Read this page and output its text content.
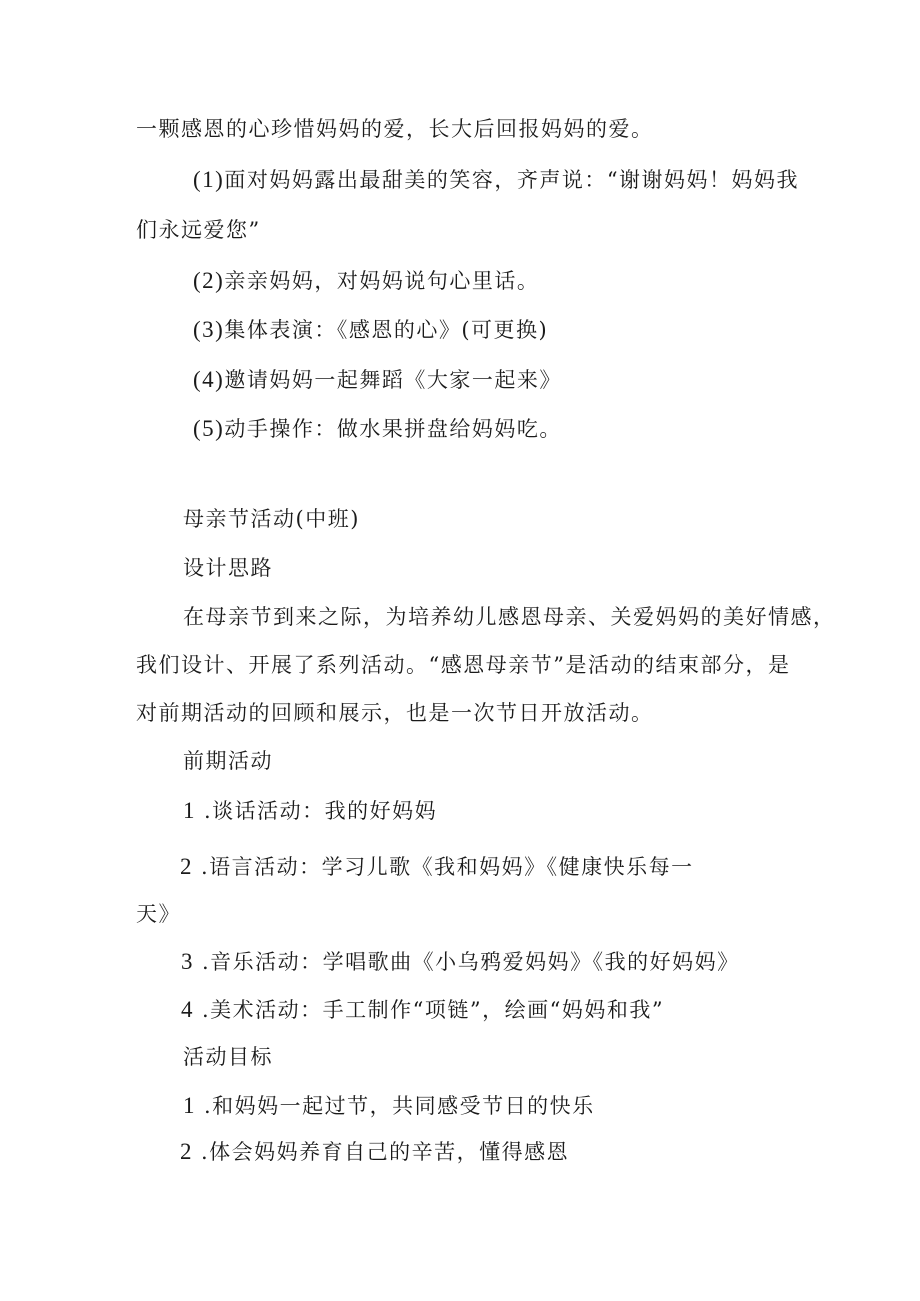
一颗感恩的心珍惜妈妈的爱，长大后回报妈妈的爱。
(1)面对妈妈露出最甜美的笑容，齐声说：“谢谢妈妈！妈妈我
们永远爱您”
(2)亲亲妈妈，对妈妈说句心里话。
(3)集体表演：《感恩的心》(可更换)
(4)邀请妈妈一起舞蹈《大家一起来》
(5)动手操作：做水果拼盘给妈妈吃。
母亲节活动(中班)
设计思路
在母亲节到来之际，为培养幼儿感恩母亲、关爱妈妈的美好情感，
我们设计、开展了系列活动。“感恩母亲节”是活动的结束部分，是
对前期活动的回顾和展示，也是一次节日开放活动。
前期活动
1 .谈话活动：我的好妈妈
2 .语言活动：学习儿歌《我和妈妈》《健康快乐每一
天》
3 .音乐活动：学唱歌曲《小乌鸦爱妈妈》《我的好妈妈》
4 .美术活动：手工制作“项链”，绘画“妈妈和我”
活动目标
1 .和妈妈一起过节，共同感受节日的快乐
2 .体会妈妈养育自己的辛苦，懂得感恩
